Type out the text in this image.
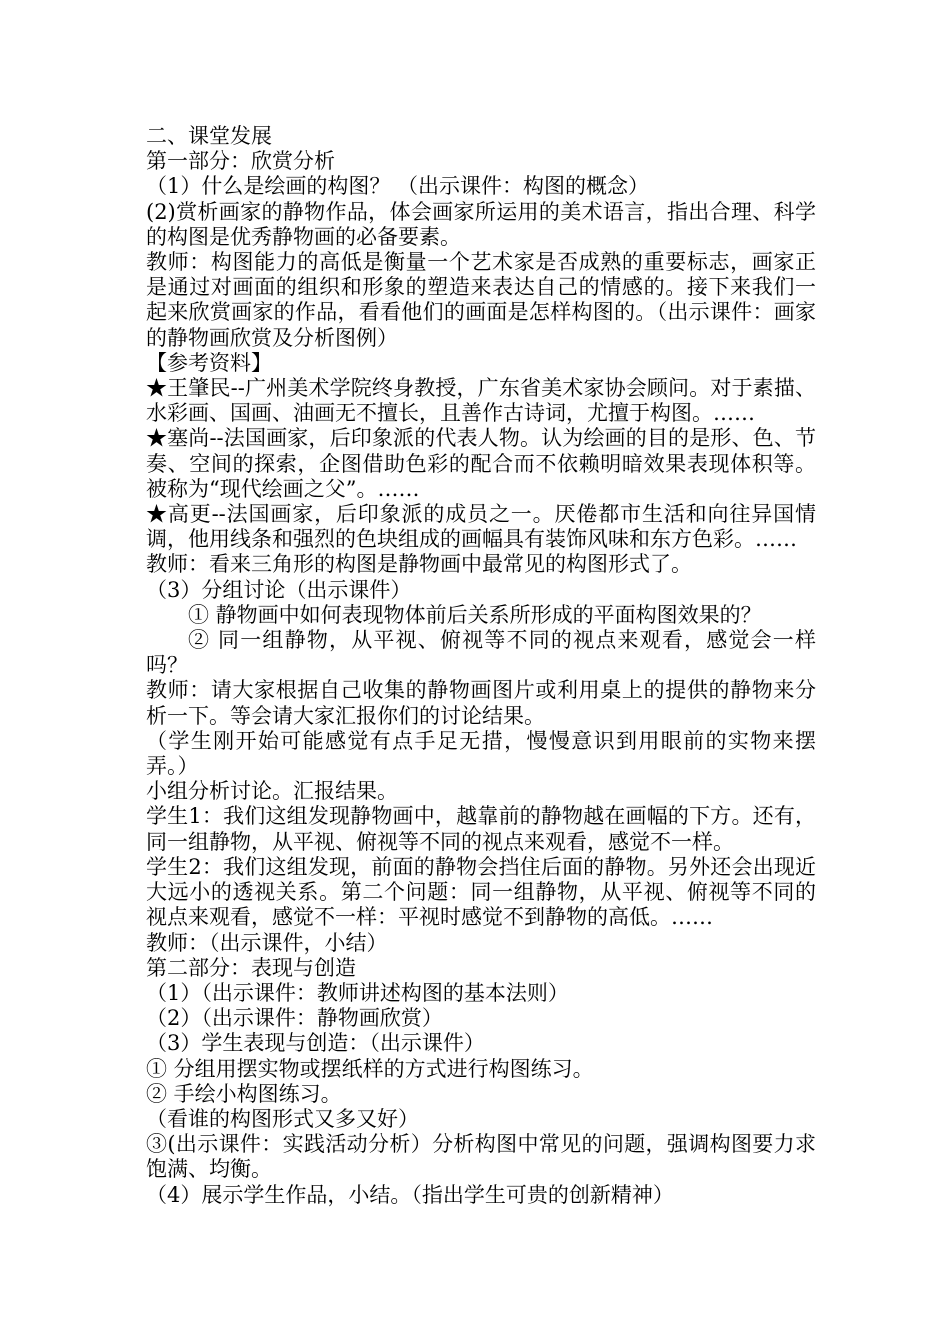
二、课堂发展

第一部分：欣赏分析

（1）什么是绘画的构图？ （出示课件：构图的概念）

(2)赏析画家的静物作品，体会画家所运用的美术语言，指出合理、科学的构图是优秀静物画的必备要素。

教师：构图能力的高低是衡量一个艺术家是否成熟的重要标志，画家正是通过对画面的组织和形象的塑造来表达自己的情感的。接下来我们一起来欣赏画家的作品，看看他们的画面是怎样构图的。（出示课件：画家的静物画欣赏及分析图例）

【参考资料】

★王肇民--广州美术学院终身教授，广东省美术家协会顾问。对于素描、水彩画、国画、油画无不擅长，且善作古诗词，尤擅于构图。……

★塞尚--法国画家，后印象派的代表人物。认为绘画的目的是形、色、节奏、空间的探索，企图借助色彩的配合而不依赖明暗效果表现体积等。被称为“现代绘画之父”。……

★高更--法国画家，后印象派的成员之一。厌倦都市生活和向往异国情调，他用线条和强烈的色块组成的画幅具有装饰风味和东方色彩。……

教师：看来三角形的构图是静物画中最常见的构图形式了。

（3）分组讨论（出示课件）

① 静物画中如何表现物体前后关系所形成的平面构图效果的？

② 同一组静物，从平视、俯视等不同的视点来观看，感觉会一样吗？

教师：请大家根据自己收集的静物画图片或利用桌上的提供的静物来分析一下。等会请大家汇报你们的讨论结果。

（学生刚开始可能感觉有点手足无措，慢慢意识到用眼前的实物来摆弄。）

小组分析讨论。汇报结果。

学生1：我们这组发现静物画中，越靠前的静物越在画幅的下方。还有，同一组静物，从平视、俯视等不同的视点来观看，感觉不一样。

学生2：我们这组发现，前面的静物会挡住后面的静物。另外还会出现近大远小的透视关系。第二个问题：同一组静物，从平视、俯视等不同的视点来观看，感觉不一样：平视时感觉不到静物的高低。……

教师：（出示课件，小结）

第二部分：表现与创造

（1）（出示课件：教师讲述构图的基本法则）

（2）（出示课件：静物画欣赏）

（3）学生表现与创造：（出示课件）

① 分组用摆实物或摆纸样的方式进行构图练习。

② 手绘小构图练习。

（看谁的构图形式又多又好）

③(出示课件：实践活动分析）分析构图中常见的问题，强调构图要力求饱满、均衡。

（4）展示学生作品，小结。（指出学生可贵的创新精神）
